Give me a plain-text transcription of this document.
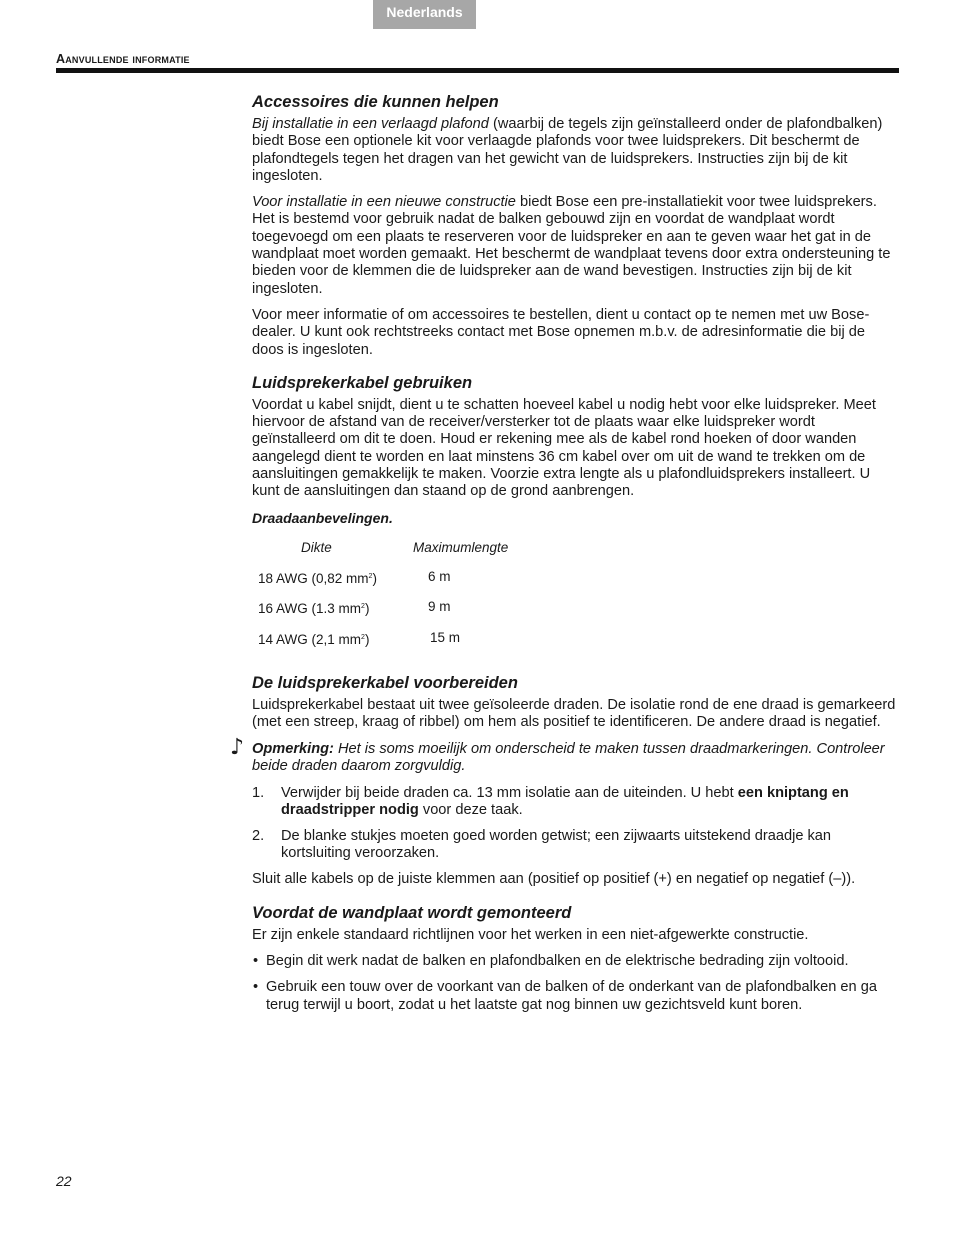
Nederlands
Aanvullende informatie
Accessoires die kunnen helpen

Bij installatie in een verlaagd plafond (waarbij de tegels zijn geïnstalleerd onder de plafondbalken) biedt Bose een optionele kit voor verlaagde plafonds voor twee luidsprekers. Dit beschermt de plafondtegels tegen het dragen van het gewicht van de luidsprekers. Instructies zijn bij de kit ingesloten.

Voor installatie in een nieuwe constructie biedt Bose een pre-installatiekit voor twee luidsprekers. Het is bestemd voor gebruik nadat de balken gebouwd zijn en voordat de wandplaat wordt toegevoegd om een plaats te reserveren voor de luidspreker en aan te geven waar het gat in de wandplaat moet worden gemaakt. Het beschermt de wandplaat tevens door extra ondersteuning te bieden voor de klemmen die de luidspreker aan de wand bevestigen. Instructies zijn bij de kit ingesloten.

Voor meer informatie of om accessoires te bestellen, dient u contact op te nemen met uw Bose-dealer. U kunt ook rechtstreeks contact met Bose opnemen m.b.v. de adresinformatie die bij de doos is ingesloten.

Luidsprekerkabel gebruiken

Voordat u kabel snijdt, dient u te schatten hoeveel kabel u nodig hebt voor elke luidspreker. Meet hiervoor de afstand van de receiver/versterker tot de plaats waar elke luidspreker wordt geïnstalleerd om dit te doen. Houd er rekening mee als de kabel rond hoeken of door wanden aangelegd dient te worden en laat minstens 36 cm kabel over om uit de wand te trekken om de aansluitingen gemakkelijk te maken. Voorzie extra lengte als u plafondluidsprekers installeert. U kunt de aansluitingen dan staand op de grond aanbrengen.

Draadaanbevelingen.
Dikte	Maximumlengte
18 AWG (0,82 $mm^2$)	6 m
16 AWG (1.3 $mm^2$)	9 m
14 AWG (2,1 $mm^2$)	15 m
De luidsprekerkabel voorbereiden

Luidsprekerkabel bestaat uit twee geïsoleerde draden. De isolatie rond de ene draad is gemarkeerd (met een streep, kraag of ribbel) om hem als positief te identificeren. De andere draad is negatief.

♪ Opmerking: Het is soms moeilijk om onderscheid te maken tussen draadmarkeringen. Controleer beide draden daarom zorgvuldig.
1. Verwijder bij beide draden ca. 13 mm isolatie aan de uiteinden. U hebt een kniptang en draadstripper nodig voor deze taak.
2. De blanke stukjes moeten goed worden getwist; een zijwaarts uitstekend draadje kan kortsluiting veroorzaken.

Sluit alle kabels op de juiste klemmen aan (positief op positief (+) en negatief op negatief (–)).

Voordat de wandplaat wordt gemonteerd

Er zijn enkele standaard richtlijnen voor het werken in een niet-afgewerkte constructie.

• Begin dit werk nadat de balken en plafondbalken en de elektrische bedrading zijn voltooid.
• Gebruik een touw over de voorkant van de balken of de onderkant van de plafondbalken en ga terug terwijl u boort, zodat u het laatste gat nog binnen uw gezichtsveld kunt boren.
22
